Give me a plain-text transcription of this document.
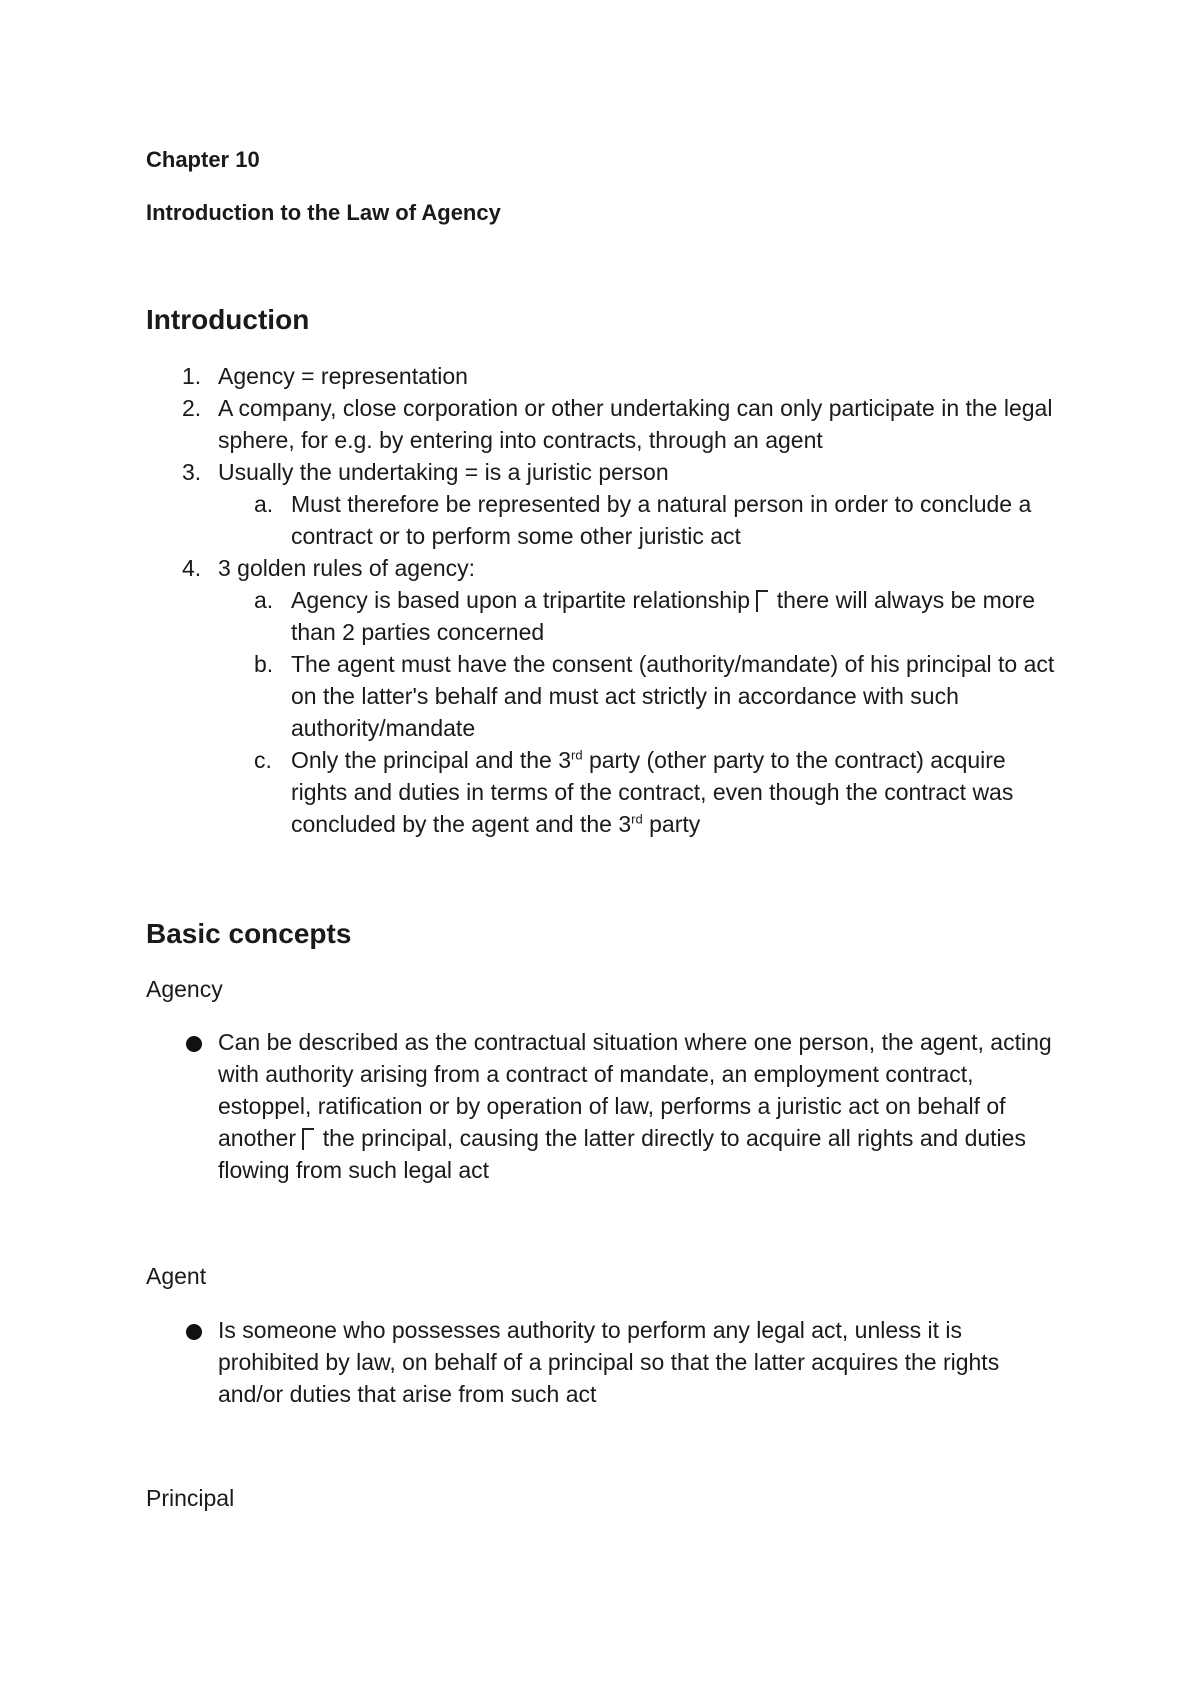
Chapter 10

Introduction to the Law of Agency

Introduction
1. Agency = representation
2. A company, close corporation or other undertaking can only participate in the legal sphere, for e.g. by entering into contracts, through an agent
3. Usually the undertaking = is a juristic person
a. Must therefore be represented by a natural person in order to conclude a contract or to perform some other juristic act
4. 3 golden rules of agency:
a. Agency is based upon a tripartite relationship  there will always be more than 2 parties concerned
b. The agent must have the consent (authority/mandate) of his principal to act on the latter's behalf and must act strictly in accordance with such authority/mandate
c. Only the principal and the 3rd party (other party to the contract) acquire rights and duties in terms of the contract, even though the contract was concluded by the agent and the 3rd party
Basic concepts

Agency

Can be described as the contractual situation where one person, the agent, acting with authority arising from a contract of mandate, an employment contract, estoppel, ratification or by operation of law, performs a juristic act on behalf of another  the principal, causing the latter directly to acquire all rights and duties flowing from such legal act

Agent

Is someone who possesses authority to perform any legal act, unless it is prohibited by law, on behalf of a principal so that the latter acquires the rights and/or duties that arise from such act

Principal
